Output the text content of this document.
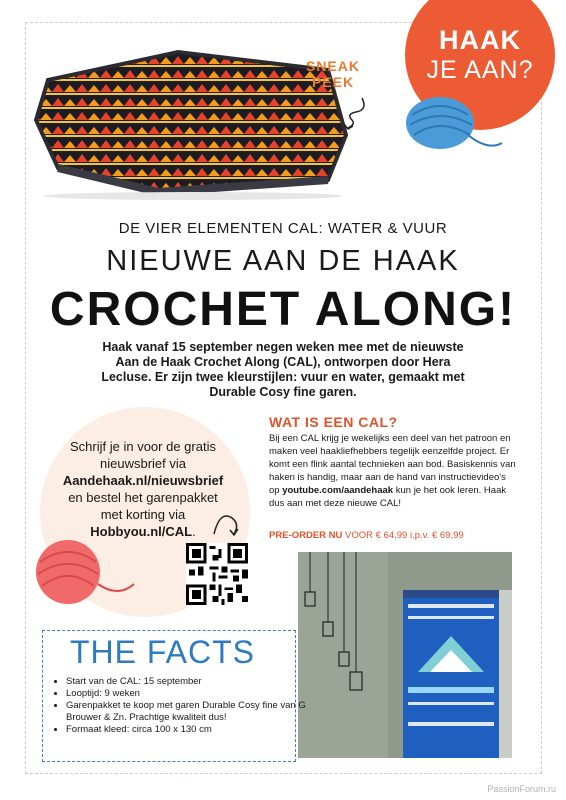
HAAK
JE AAN?
SNEAK
PEEK
DE VIER ELEMENTEN CAL: WATER & VUUR
NIEUWE AAN DE HAAK
CROCHET ALONG!
Haak vanaf 15 september negen weken mee met de nieuwste Aan de Haak Crochet Along (CAL), ontworpen door Hera Lecluse. Er zijn twee kleurstijlen: vuur en water, gemaakt met Durable Cosy fine garen.
Schrijf je in voor de gratis nieuwsbrief via Aandehaak.nl/nieuwsbrief en bestel het garenpakket met korting via Hobbyou.nl/CAL.
WAT IS EEN CAL?
Bij een CAL krijg je wekelijks een deel van het patroon en maken veel haakliefhebbers tegelijk eenzelfde project. Er komt een flink aantal technieken aan bod. Basiskennis van haken is handig, maar aan de hand van instructievideo's op youtube.com/aandehaak kun je het ook leren. Haak dus aan met deze nieuwe CAL!
PRE-ORDER NU VOOR € 64,99 i.p.v. € 69,99
THE FACTS
• Start van de CAL: 15 september
• Looptijd: 9 weken
• Garenpakket te koop met garen Durable Cosy fine van G Brouwer & Zn. Prachtige kwaliteit dus!
• Formaat kleed: circa 100 x 130 cm
PassionForum.ru
